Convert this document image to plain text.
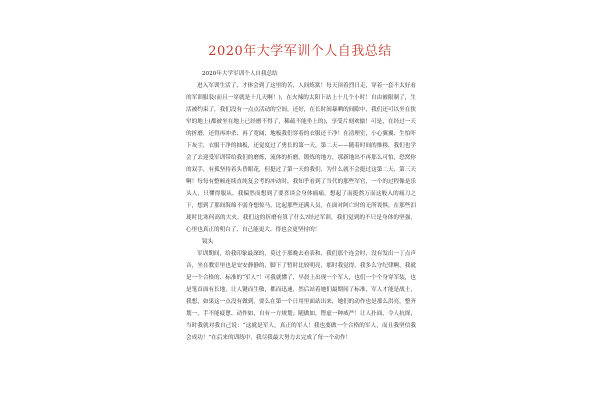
2020年大学军训个人自我总结

2020年大学军训个人自我总结

进入军训生活了，才体会到了这里的苦，人间炼狱！每天顶着烈日走，穿着一套不太好看的军训服装(而且一穿就是十几天啊！)，在火辣的太阳下站上十几个小时！自由被限制了，生活被约束了，我们没有一点点活动的空间。还好，在长时间暴晒的间隙中，我们还可以坐在狭窄的地上(都被坐在地上已经磨不得了，稀疏不能坐上的)，享受片刻欢愉！可是，在经过一天的折磨，还得再冲杀、再了宽阔，地板我们穿着的衣服还干净！在清理室，小心翼翼、生怕吓下灰尘，衣服干净的抽板，还觉度过了勇长的第一天，第二天——随着时间的推移，我们也学会了去迎受军训带给我们的磨炼，流体的折磨，锻炼的地方，那新地出不再那么可怕，恐窝你的双手，有孤坚持着头昏眼花，但挺过了第一天的我们，为什么就不会挺过这第二天、第三天啊！每每有整顿连续直纯复会考的冲动时，我知乎看到了当代的那些军官，一个的过程像是乐头人，只懂得服从，我偏然而想到了要喜谈会身体痛痛，想起了而挺熬万而这般入的痛刀之下，想到了那间海绵不弱身想惊马，比起那些还满人员，在面对阿亡时的无所畏惧，在那些泪珑时比寒何高的大火，我们这的折磨有算了什么?经过军训，我们觉到的不只是身体的坚强，心里也真正的明白了，自己能更大、得也会更坚持的！

镜头

军训期间，给我印象最深的，莫过于那晚去看表和、我们那个连会时，没有发出一丁点声音，坐在教室里也是安安静静的，脚下了暂时比较明亮，那时我觉得，我多么守纪律啊，我就是一个合格的、标准的“军人”！可我就懂了，早晨上出现一个军人，也们一个个身穿军装，也是笔首面有长地，让人键而生敬，都而迅速，然后站着她们最期间了标准，军人才能是战士，我想，如果这一点没有做到，要么在第一个日用里面站出来，她们的动作也是那么洪亮，整齐划一，手不能疲惫、动作如，自有一方规划；随做如，铿虚一种威严！让人扑面，令人抗探，当时我就对我自己说：“这就是军人，真正的军人！我也要做一个合格的军人，而且我坚信我会成功！”在后来的训练中，我尽我最大努力去完成了每一个动作！
